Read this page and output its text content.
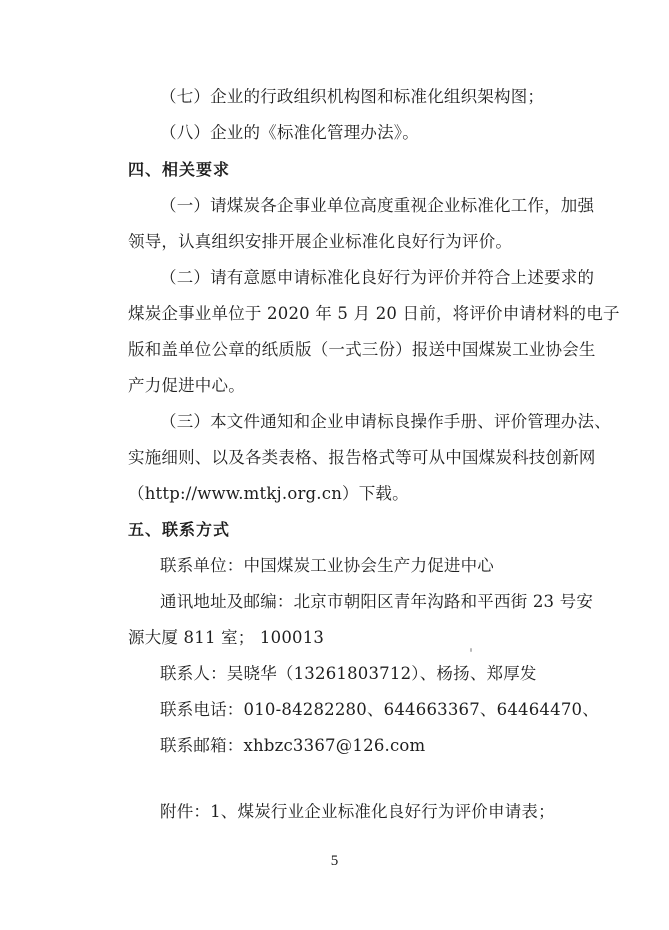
（七）企业的行政组织机构图和标准化组织架构图；
（八）企业的《标准化管理办法》。
四、相关要求
（一）请煤炭各企事业单位高度重视企业标准化工作，加强
领导，认真组织安排开展企业标准化良好行为评价。
（二）请有意愿申请标准化良好行为评价并符合上述要求的
煤炭企事业单位于 2020 年 5 月 20 日前，将评价申请材料的电子
版和盖单位公章的纸质版（一式三份）报送中国煤炭工业协会生
产力促进中心。
（三）本文件通知和企业申请标良操作手册、评价管理办法、
实施细则、以及各类表格、报告格式等可从中国煤炭科技创新网
（http://www.mtkj.org.cn）下载。
五、联系方式
联系单位：中国煤炭工业协会生产力促进中心
通讯地址及邮编：北京市朝阳区青年沟路和平西街 23 号安
源大厦 811 室； 100013
联系人：吴晓华（13261803712）、杨扬、郑厚发
联系电话：010-84282280、644663367、64464470、
联系邮箱：xhbzc3367@126.com
附件：1、煤炭行业企业标准化良好行为评价申请表；
5
